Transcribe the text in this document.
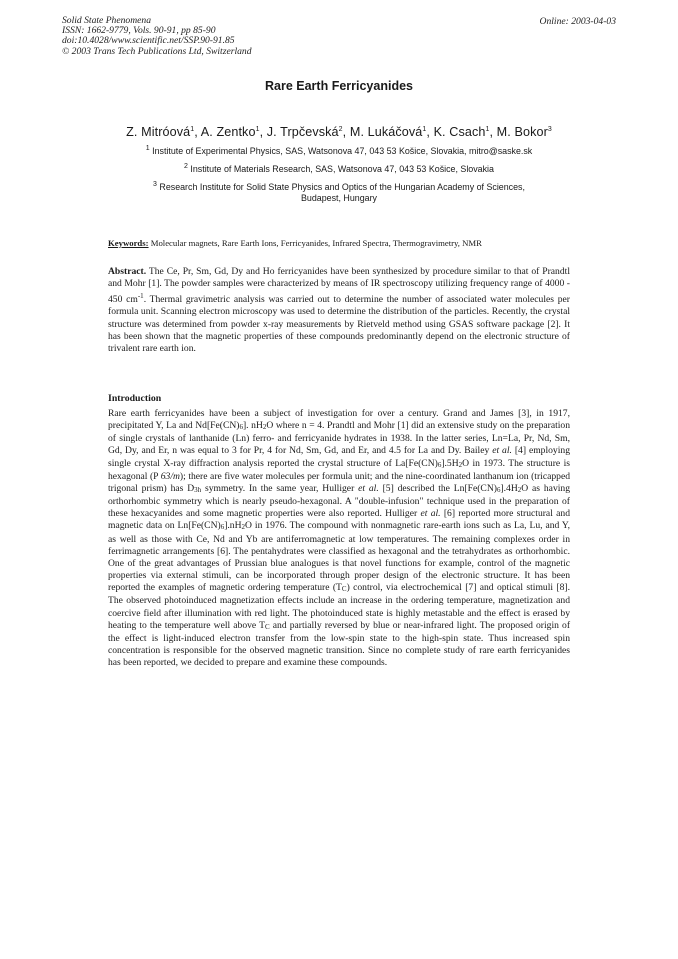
Solid State Phenomena
ISSN: 1662-9779, Vols. 90-91, pp 85-90
doi:10.4028/www.scientific.net/SSP.90-91.85
© 2003 Trans Tech Publications Ltd, Switzerland
Online: 2003-04-03
Rare Earth Ferricyanides
Z. Mitróová$^1$, A. Zentko$^1$, J. Trpčevská$^2$, M. Lukáčová$^1$, K. Csach$^1$, M. Bokor$^3$
$^1$ Institute of Experimental Physics, SAS, Watsonova 47, 043 53 Košice, Slovakia, mitro@saske.sk
$^2$ Institute of Materials Research, SAS, Watsonova 47, 043 53 Košice, Slovakia
$^3$ Research Institute for Solid State Physics and Optics of the Hungarian Academy of Sciences,
Budapest, Hungary
Keywords: Molecular magnets, Rare Earth Ions, Ferricyanides, Infrared Spectra, Thermogravimetry, NMR
Abstract. The Ce, Pr, Sm, Gd, Dy and Ho ferricyanides have been synthesized by procedure similar to that of Prandtl and Mohr [1]. The powder samples were characterized by means of IR spectroscopy utilizing frequency range of 4000 - 450 $cm^{-1}$. Thermal gravimetric analysis was carried out to determine the number of associated water molecules per formula unit. Scanning electron microscopy was used to determine the distribution of the particles. Recently, the crystal structure was determined from powder x-ray measurements by Rietveld method using GSAS software package [2]. It has been shown that the magnetic properties of these compounds predominantly depend on the electronic structure of trivalent rare earth ion.
Introduction
Rare earth ferricyanides have been a subject of investigation for over a century. Grand and James [3], in 1917, precipitated Y, La and Nd[Fe(CN)6]. nH2O where n = 4. Prandtl and Mohr [1] did an extensive study on the preparation of single crystals of lanthanide (Ln) ferro- and ferricyanide hydrates in 1938. In the latter series, Ln=La, Pr, Nd, Sm, Gd, Dy, and Er, n was equal to 3 for Pr, 4 for Nd, Sm, Gd, and Er, and 4.5 for La and Dy. Bailey et al. [4] employing single crystal X-ray diffraction analysis reported the crystal structure of La[Fe(CN)6].5H2O in 1973. The structure is hexagonal (P 63/m); there are five water molecules per formula unit; and the nine-coordinated lanthanum ion (tricapped trigonal prism) has D3h symmetry. In the same year, Hulliger et al. [5] described the Ln[Fe(CN)6].4H2O as having orthorhombic symmetry which is nearly pseudo-hexagonal. A "double-infusion" technique used in the preparation of these hexacyanides and some magnetic properties were also reported. Hulliger et al. [6] reported more structural and magnetic data on Ln[Fe(CN)6].nH2O in 1976. The compound with nonmagnetic rare-earth ions such as La, Lu, and Y, as well as those with Ce, Nd and Yb are antiferromagnetic at low temperatures. The remaining complexes order in ferrimagnetic arrangements [6]. The pentahydrates were classified as hexagonal and the tetrahydrates as orthorhombic. One of the great advantages of Prussian blue analogues is that novel functions for example, control of the magnetic properties via external stimuli, can be incorporated through proper design of the electronic structure. It has been reported the examples of magnetic ordering temperature (TC) control, via electrochemical [7] and optical stimuli [8]. The observed photoinduced magnetization effects include an increase in the ordering temperature, magnetization and coercive field after illumination with red light. The photoinduced state is highly metastable and the effect is erased by heating to the temperature well above TC and partially reversed by blue or near-infrared light. The proposed origin of the effect is light-induced electron transfer from the low-spin state to the high-spin state. Thus increased spin concentration is responsible for the observed magnetic transition. Since no complete study of rare earth ferricyanides has been reported, we decided to prepare and examine these compounds.
